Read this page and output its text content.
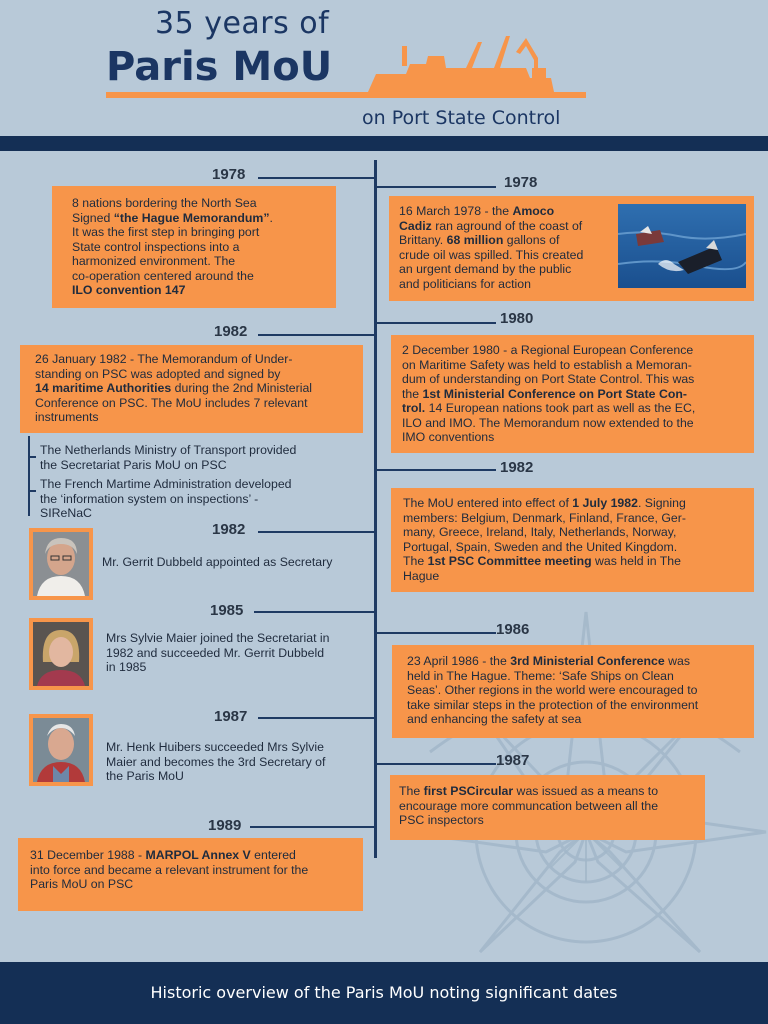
35 years of
Paris MoU
on Port State Control
1978	1978
1982
1980
1982
1982
1985
1986
1987
1987
1989
8 nations bordering the North Sea
Signed “the Hague Memorandum”.
It was the first step in bringing port
State control inspections into a
harmonized environment. The
co-operation centered around the
ILO convention 147
16 March 1978 - the Amoco
Cadiz ran aground of the coast of
Brittany. 68 million gallons of
crude oil was spilled. This created
an urgent demand by the public
and politicians for action
26 January 1982 - The Memorandum of Under-
standing on PSC was adopted and signed by
14 maritime Authorities during the 2nd Ministerial
Conference on PSC. The MoU includes 7 relevant
instruments
2 December 1980 - a Regional European Conference
on Maritime Safety was held to establish a Memoran-
dum of understanding on Port State Control. This was
the 1st Ministerial Conference on Port State Con-
trol. 14 European nations took part as well as the EC,
ILO and IMO. The Memorandum now extended to the
IMO conventions
The Netherlands Ministry of Transport provided
the Secretariat Paris MoU on PSC
The French Martime Administration developed
the ‘information system on inspections’ -
SIReNaC
The MoU entered into effect of 1 July 1982. Signing
members: Belgium, Denmark, Finland, France, Ger-
many, Greece, Ireland, Italy, Netherlands, Norway,
Portugal, Spain, Sweden and the United Kingdom.
The 1st PSC Committee meeting was held in The
Hague
Mr. Gerrit Dubbeld appointed as Secretary
Mrs Sylvie Maier joined the Secretariat in
1982 and succeeded Mr. Gerrit Dubbeld
in 1985	23 April 1986 - the 3rd Ministerial Conference was
held in The Hague. Theme: ‘Safe Ships on Clean
Seas’. Other regions in the world were encouraged to
take similar steps in the protection of the environment
and enhancing the safety at sea
Mr. Henk Huibers succeeded Mrs Sylvie
Maier and becomes the 3rd Secretary of
the Paris MoU
The first PSCircular was issued as a means to
encourage more communcation between all the
PSC inspectors
31 December 1988 - MARPOL Annex V entered
into force and became a relevant instrument for the
Paris MoU on PSC
Historic overview of the Paris MoU noting significant dates
